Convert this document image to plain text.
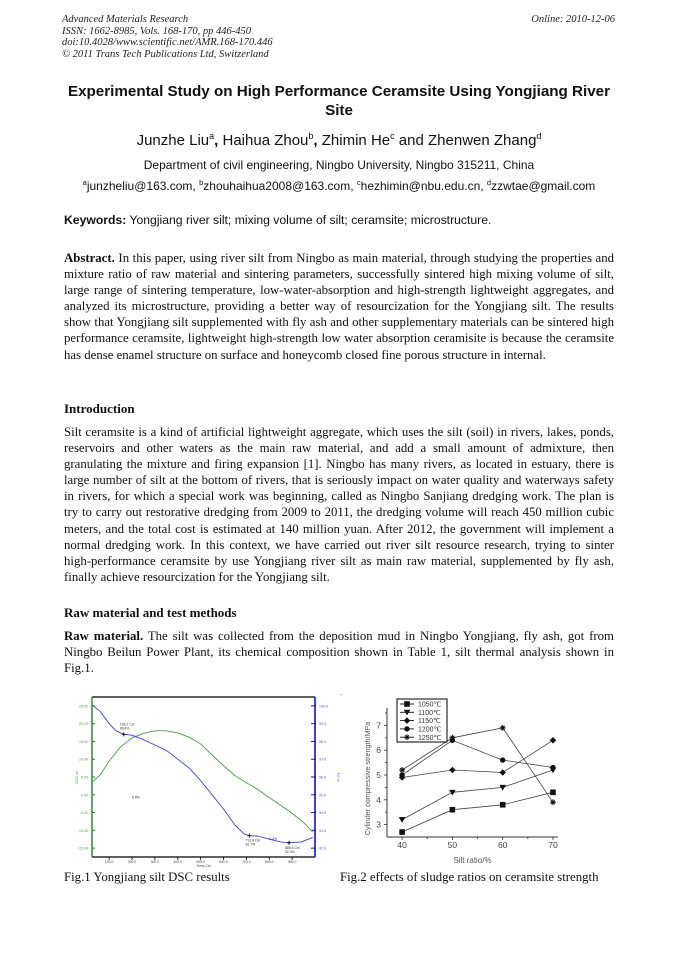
Advanced Materials Research
ISSN: 1662-8985, Vols. 168-170, pp 446-450
doi:10.4028/www.scientific.net/AMR.168-170.446
© 2011 Trans Tech Publications Ltd, Switzerland
Online: 2010-12-06
Experimental Study on High Performance Ceramsite Using Yongjiang River Site
Junzhe Liu$^a$, Haihua Zhou$^b$, Zhimin He$^c$ and Zhenwen Zhang$^d$
Department of civil engineering, Ningbo University, Ningbo 315211, China
$^a$junzheliu@163.com, $^b$zhouhaihua2008@163.com, $^c$hezhimin@nbu.edu.cn, $^d$zzwtae@gmail.com
Keywords: Yongjiang river silt; mixing volume of silt; ceramsite; microstructure.
Abstract. In this paper, using river silt from Ningbo as main material, through studying the properties and mixture ratio of raw material and sintering parameters, successfully sintered high mixing volume of silt, large range of sintering temperature, low-water-absorption and high-strength lightweight aggregates, and analyzed its microstructure, providing a better way of resourcization for the Yongjiang silt. The results show that Yongjiang silt supplemented with fly ash and other supplementary materials can be sintered high performance ceramsite, lightweight high-strength low water absorption ceramisite is because the ceramsite has dense enamel structure on surface and honeycomb closed fine porous structure in internal.
Introduction
Silt ceramsite is a kind of artificial lightweight aggregate, which uses the silt (soil) in rivers, lakes, ponds, reservoirs and other waters as the main raw material, and add a small amount of admixture, then granulating the mixture and firing expansion [1]. Ningbo has many rivers, as located in estuary, there is large number of silt at the bottom of rivers, that is seriously impact on water quality and waterways safety in rivers, for which a special work was beginning, called as Ningbo Sanjiang dredging work. The plan is try to carry out restorative dredging from 2009 to 2011, the dredging volume will reach 450 million cubic meters, and the total cost is estimated at 140 million yuan. After 2012, the government will implement a normal dredging work. In this context, we have carried out river silt resource research, trying to sinter high-performance ceramsite by use Yongjiang river silt as main raw material, supplemented by fly ash, finally achieve resourcization for the Yongjiang silt.
Raw material and test methods
Raw material. The silt was collected from the deposition mud in Ningbo Yongjiang, fly ash, got from Ningbo Beilun Power Plant, its chemical composition shown in Table 1, silt thermal analysis shown in Fig.1.
25.00
20.00
15.00
10.00
5.00
0.00
-5.00
-10.00
-15.00
100.0
99.0
98.0
97.0
96.0
95.0
94.0
93.0
92.0
100.0	200.0	300.0	400.0	500.0	600.0	700.0	800.0	900.0
Temp Cel
DSC uV	TG %
~/
164.2 Cel
98.4%
713.8 Cel
92.7%
886.5 Cel
92.3%
5.8%
0.4%
40	50	60	70
3
4
5
6
7
Silt ratio/%
Cylinder compressive strength/MPa
1050℃
1100℃
1150℃
1200℃
1250℃
Fig.1 Yongjiang silt DSC results	Fig.2 effects of sludge ratios on ceramsite strength
